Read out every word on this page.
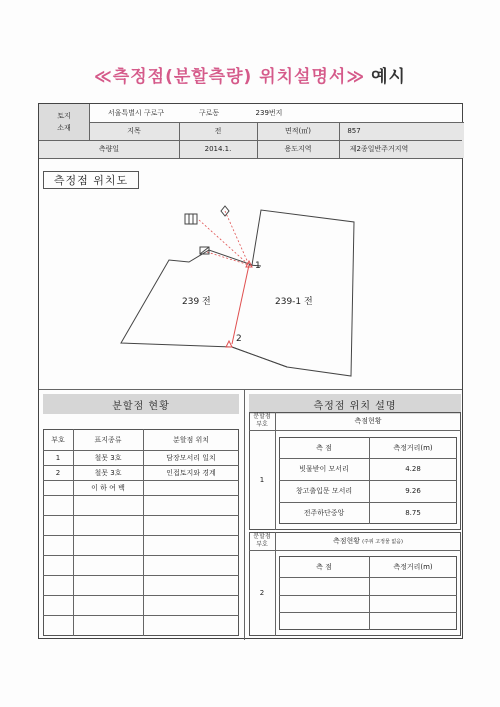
≪측정점(분할측량) 위치설명서≫ 예시
토지
소재
서울특별시 구로구	구로동	239번지
지목	전	면적(㎡)	857
측량일	2014.1.	용도지역	제2종일반주거지역
측정점 위치도
1
2
239 전	239-1 전
분할점 현황	측정점 위치 설명
부호	표지종류	분할점 위치
1	철못 3호	담장모서리 일치
2	철못 3호	인접토지와 경계
이 하 여 백
분할점
부호	측점현황
1
측 점	측정거리(m)
빗물받이 모서리	4.28
창고출입문 모서리	9.26
전주하단중앙	8.75
분할점
부호	측점현황 (주위 고정물 없음)
2
측 점	측정거리(m)
